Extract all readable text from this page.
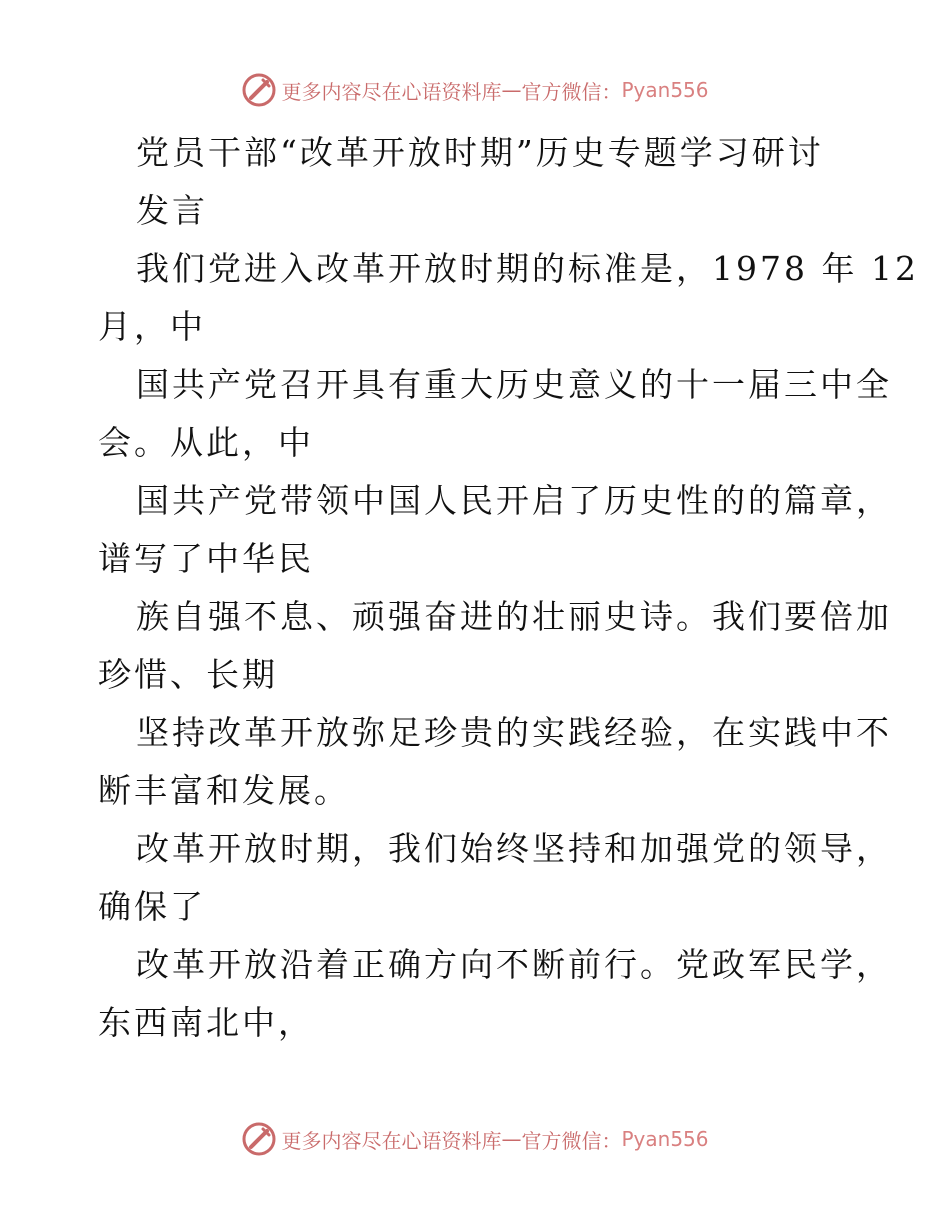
更多内容尽在心语资料库 — 官方微信： Pyan556
党员干部“改革开放时期”历史专题学习研讨
发言
我们党进入改革开放时期的标准是，1978 年 12
月，中
国共产党召开具有重大历史意义的十一届三中全
会。从此，中
国共产党带领中国人民开启了历史性的的篇章，
谱写了中华民
族自强不息、顽强奋进的壮丽史诗。我们要倍加
珍惜、长期
坚持改革开放弥足珍贵的实践经验，在实践中不
断丰富和发展。
改革开放时期，我们始终坚持和加强党的领导，
确保了
改革开放沿着正确方向不断前行。党政军民学，
东西南北中，
更多内容尽在心语资料库 — 官方微信： Pyan556
